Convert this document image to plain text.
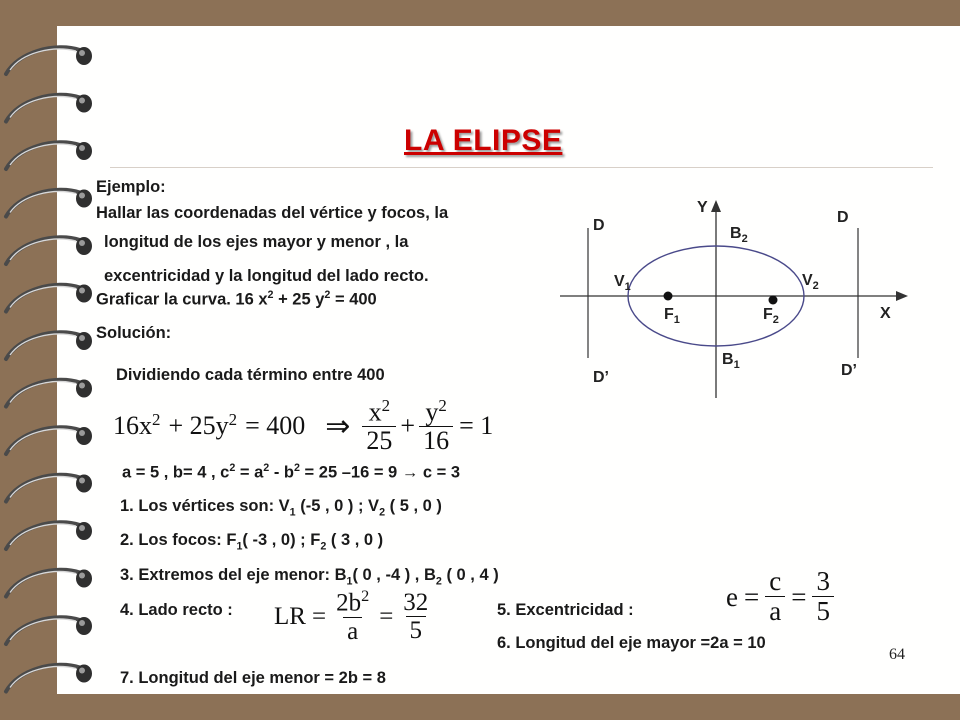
LA ELIPSE
Ejemplo:
Hallar las coordenadas del vértice y focos, la
longitud de los ejes mayor y menor , la
excentricidad y la longitud del lado recto.
Graficar la curva. 16 $x^2 + 25$ $y^2 = 400$
Solución:
Dividiendo cada término entre 400
$16x^2 + 25y^2 = 400$ ⇒ $\frac{x^2}{25} + \frac{y^2}{16} = 1$
a = 5 , b= 4 , $c^2 = a^2 - b^2 = 25$ –16 = 9 → c = 3
1. Los vértices son: $V_1$ (-5 , 0 ) ; $V_2$ ( 5 , 0 )
2. Los focos: $F_1$( -3 , 0) ; $F_2$ ( 3 , 0 )
3. Extremos del eje menor: $B_1$( 0 , -4 ) , $B_2$ ( 0 , 4 )
4. Lado recto : LR = $\frac{2b^2}{a} = \frac{32}{5}$	5. Excentricidad :	$e = \frac{c}{a} = \frac{3}{5}$
6. Longitud del eje mayor =2a = 10
7. Longitud del eje menor = 2b = 8
64
Y
X
D	D
D’	D’
$V_1$	$V_2$
$F_1$	$F_2$
$B_2$
$B_1$
